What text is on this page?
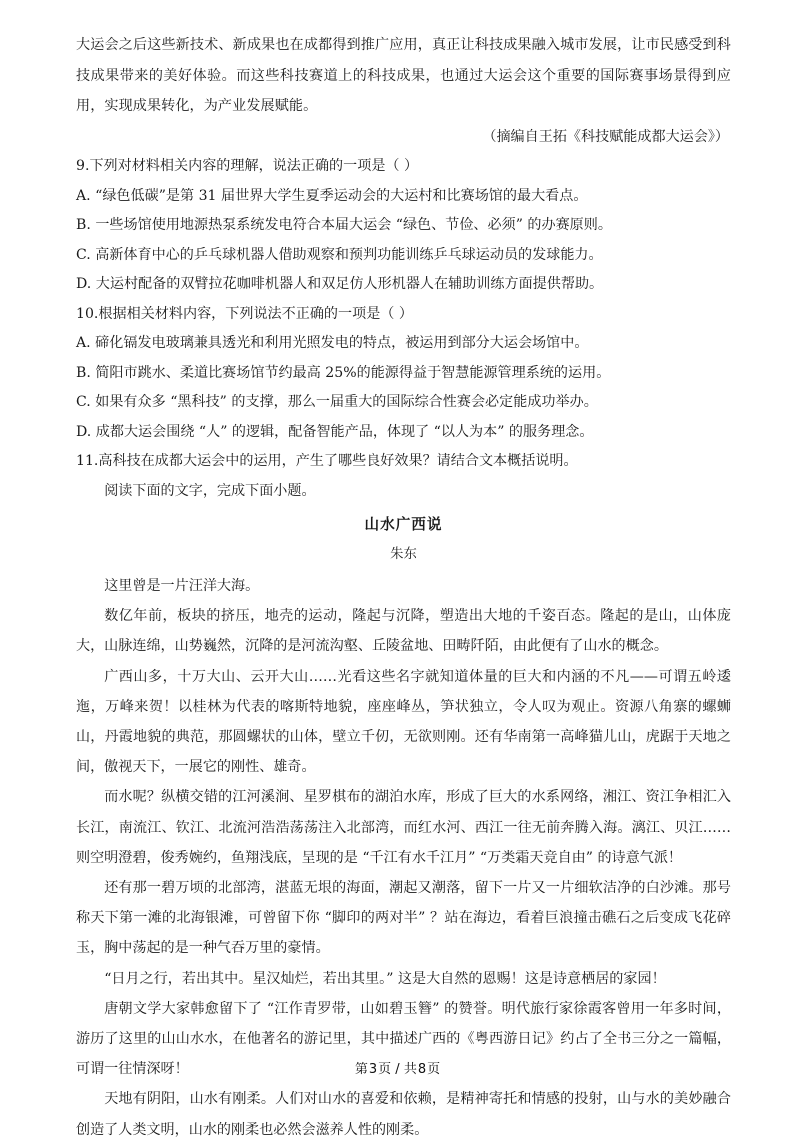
大运会之后这些新技术、新成果也在成都得到推广应用，真正让科技成果融入城市发展，让市民感受到科技成果带来的美好体验。而这些科技赛道上的科技成果，也通过大运会这个重要的国际赛事场景得到应用，实现成果转化，为产业发展赋能。

（摘编自王拓《科技赋能成都大运会》）

9.下列对材料相关内容的理解，说法正确的一项是（ ）

A. “绿色低碳”是第 31 届世界大学生夏季运动会的大运村和比赛场馆的最大看点。

B. 一些场馆使用地源热泵系统发电符合本届大运会 “绿色、节俭、必须” 的办赛原则。

C. 高新体育中心的乒乓球机器人借助观察和预判功能训练乒乓球运动员的发球能力。

D. 大运村配备的双臂拉花咖啡机器人和双足仿人形机器人在辅助训练方面提供帮助。

10.根据相关材料内容，下列说法不正确的一项是（ ）

A. 碲化镉发电玻璃兼具透光和利用光照发电的特点，被运用到部分大运会场馆中。

B. 简阳市跳水、柔道比赛场馆节约最高 25%的能源得益于智慧能源管理系统的运用。

C. 如果有众多 “黑科技” 的支撑，那么一届重大的国际综合性赛会必定能成功举办。

D. 成都大运会围绕 “人” 的逻辑，配备智能产品，体现了 “以人为本” 的服务理念。

11.高科技在成都大运会中的运用，产生了哪些良好效果？请结合文本概括说明。

阅读下面的文字，完成下面小题。

山水广西说

朱东

这里曾是一片汪洋大海。

数亿年前，板块的挤压，地壳的运动，隆起与沉降，塑造出大地的千姿百态。隆起的是山，山体庞大，山脉连绵，山势巍然，沉降的是河流沟壑、丘陵盆地、田畴阡陌，由此便有了山水的概念。

广西山多，十万大山、云开大山……光看这些名字就知道体量的巨大和内涵的不凡——可谓五岭逶迤，万峰来贺！以桂林为代表的喀斯特地貌，座座峰丛，笋状独立，令人叹为观止。资源八角寨的螺蛳山，丹霞地貌的典范，那圆螺状的山体，壁立千仞，无欲则刚。还有华南第一高峰猫儿山，虎踞于天地之间，傲视天下，一展它的刚性、雄奇。

而水呢？纵横交错的江河溪涧、星罗棋布的湖泊水库，形成了巨大的水系网络，湘江、资江争相汇入长江，南流江、钦江、北流河浩浩荡荡注入北部湾，而红水河、西江一往无前奔腾入海。漓江、贝江……则空明澄碧，俊秀婉约，鱼翔浅底，呈现的是 “千江有水千江月” “万类霜天竞自由” 的诗意气派！

还有那一碧万顷的北部湾，湛蓝无垠的海面，潮起又潮落，留下一片又一片细软洁净的白沙滩。那号称天下第一滩的北海银滩，可曾留下你 “脚印的两对半” ？站在海边，看着巨浪撞击礁石之后变成飞花碎玉，胸中荡起的是一种气吞万里的豪情。

“日月之行，若出其中。星汉灿烂，若出其里。” 这是大自然的恩赐！这是诗意栖居的家园！

唐朝文学大家韩愈留下了 “江作青罗带，山如碧玉簪” 的赞誉。明代旅行家徐霞客曾用一年多时间，游历了这里的山山水水，在他著名的游记里，其中描述广西的《粤西游日记》约占了全书三分之一篇幅，可谓一往情深呀！

天地有阴阳，山水有刚柔。人们对山水的喜爱和依赖，是精神寄托和情感的投射，山与水的美妙融合创造了人类文明，山水的刚柔也必然会滋养人性的刚柔。

第3页 / 共8页
